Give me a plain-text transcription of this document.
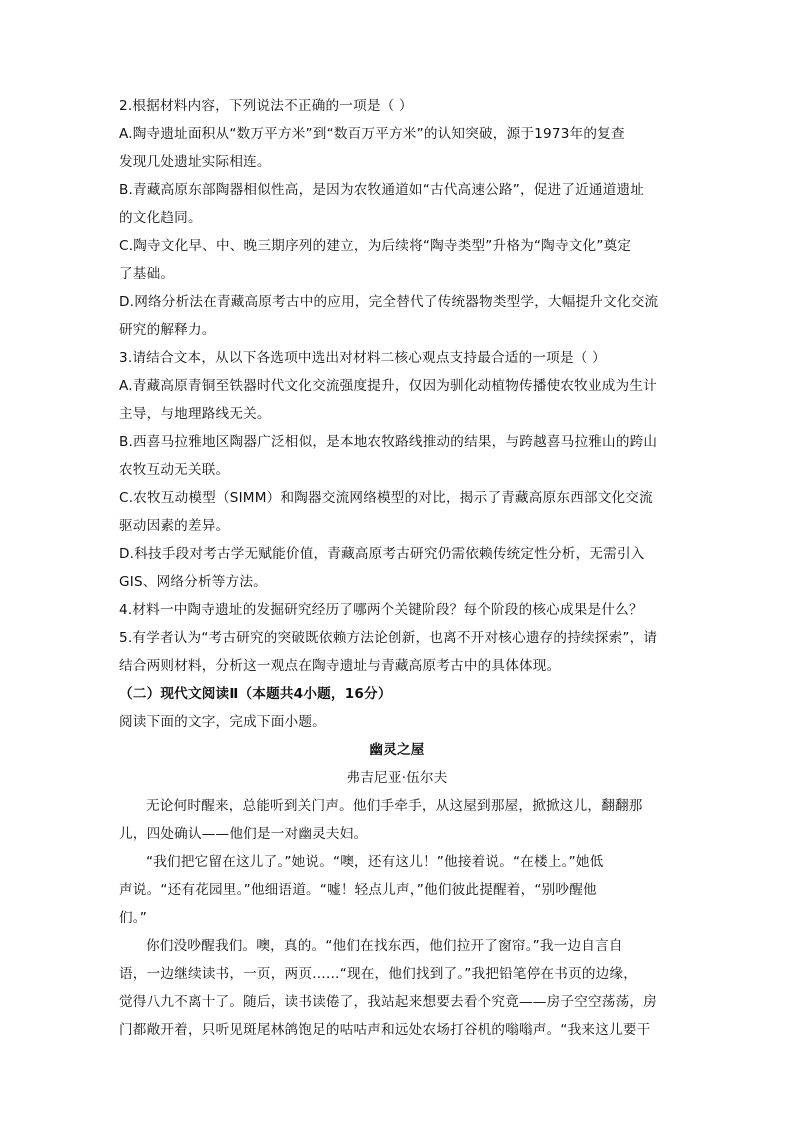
2.根据材料内容，下列说法不正确的一项是（ ）

A.陶寺遗址面积从“数万平方米”到“数百万平方米”的认知突破，源于1973年的复查

发现几处遗址实际相连。

B.青藏高原东部陶器相似性高，是因为农牧通道如“古代高速公路”，促进了近通道遗址

的文化趋同。

C.陶寺文化早、中、晚三期序列的建立，为后续将“陶寺类型”升格为“陶寺文化”奠定

了基础。

D.网络分析法在青藏高原考古中的应用，完全替代了传统器物类型学，大幅提升文化交流

研究的解释力。

3.请结合文本，从以下各选项中选出对材料二核心观点支持最合适的一项是（ ）

A.青藏高原青铜至铁器时代文化交流强度提升，仅因为驯化动植物传播使农牧业成为生计

主导，与地理路线无关。

B.西喜马拉雅地区陶器广泛相似，是本地农牧路线推动的结果，与跨越喜马拉雅山的跨山

农牧互动无关联。

C.农牧互动模型（SIMM）和陶器交流网络模型的对比，揭示了青藏高原东西部文化交流

驱动因素的差异。

D.科技手段对考古学无赋能价值，青藏高原考古研究仍需依赖传统定性分析，无需引入

GIS、网络分析等方法。

4.材料一中陶寺遗址的发掘研究经历了哪两个关键阶段？每个阶段的核心成果是什么？

5.有学者认为“考古研究的突破既依赖方法论创新，也离不开对核心遗存的持续探索”，请

结合两则材料，分析这一观点在陶寺遗址与青藏高原考古中的具体体现。

（二）现代文阅读Ⅱ（本题共4小题，16分）

阅读下面的文字，完成下面小题。

幽灵之屋

弗吉尼亚·伍尔夫

无论何时醒来，总能听到关门声。他们手牵手，从这屋到那屋，掀掀这儿，翻翻那

儿，四处确认——他们是一对幽灵夫妇。

“我们把它留在这儿了。”她说。“噢，还有这儿！”他接着说。“在楼上。”她低

声说。“还有花园里。”他细语道。“嘘！轻点儿声，”他们彼此提醒着，“别吵醒他

们。”

你们没吵醒我们。噢，真的。“他们在找东西，他们拉开了窗帘。”我一边自言自

语，一边继续读书，一页，两页……“现在，他们找到了。”我把铅笔停在书页的边缘，

觉得八九不离十了。随后，读书读倦了，我站起来想要去看个究竟——房子空空荡荡，房

门都敞开着，只听见斑尾林鸽饱足的咕咕声和远处农场打谷机的嗡嗡声。“我来这儿要干
